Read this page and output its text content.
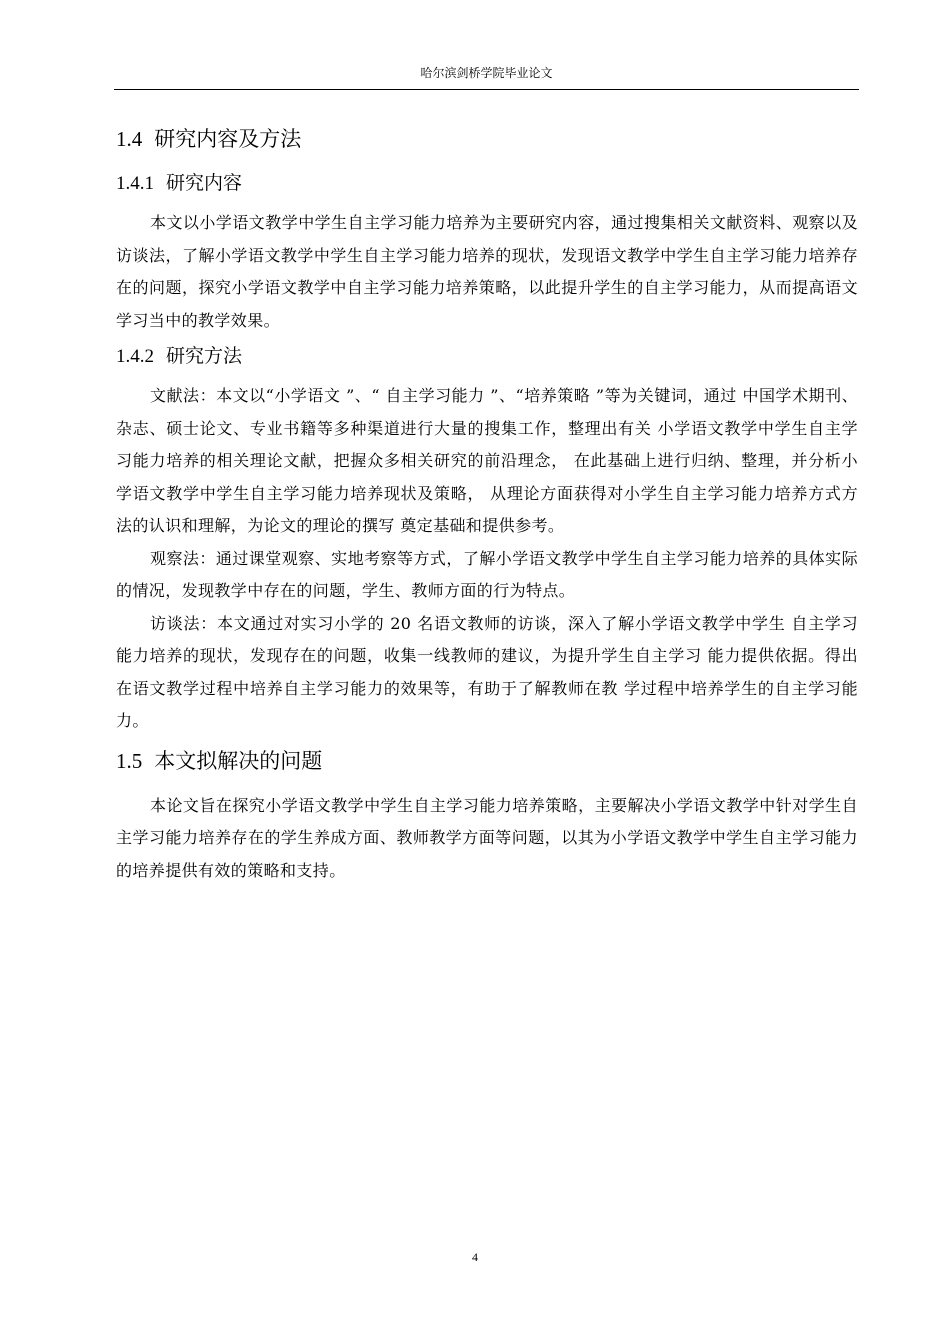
哈尔滨剑桥学院毕业论文
1.4 研究内容及方法
1.4.1 研究内容

本文以小学语文教学中学生自主学习能力培养为主要研究内容，通过搜集相关文献资料、观察以及访谈法，了解小学语文教学中学生自主学习能力培养的现状，发现语文教学中学生自主学习能力培养存在的问题，探究小学语文教学中自主学习能力培养策略，以此提升学生的自主学习能力，从而提高语文学习当中的教学效果。

1.4.2 研究方法

文献法：本文以“小学语文 ”、“ 自主学习能力 ”、“培养策略 ”等为关键词，通过 中国学术期刊、杂志、硕士论文、专业书籍等多种渠道进行大量的搜集工作，整理出有关 小学语文教学中学生自主学习能力培养的相关理论文献，把握众多相关研究的前沿理念， 在此基础上进行归纳、整理，并分析小学语文教学中学生自主学习能力培养现状及策略， 从理论方面获得对小学生自主学习能力培养方式方法的认识和理解，为论文的理论的撰写 奠定基础和提供参考。

观察法：通过课堂观察、实地考察等方式，了解小学语文教学中学生自主学习能力培养的具体实际的情况，发现教学中存在的问题，学生、教师方面的行为特点。

访谈法：本文通过对实习小学的 20 名语文教师的访谈，深入了解小学语文教学中学生 自主学习能力培养的现状，发现存在的问题，收集一线教师的建议，为提升学生自主学习 能力提供依据。得出在语文教学过程中培养自主学习能力的效果等，有助于了解教师在教 学过程中培养学生的自主学习能力。

1.5 本文拟解决的问题

本论文旨在探究小学语文教学中学生自主学习能力培养策略，主要解决小学语文教学中针对学生自主学习能力培养存在的学生养成方面、教师教学方面等问题，以其为小学语文教学中学生自主学习能力的培养提供有效的策略和支持。

4
